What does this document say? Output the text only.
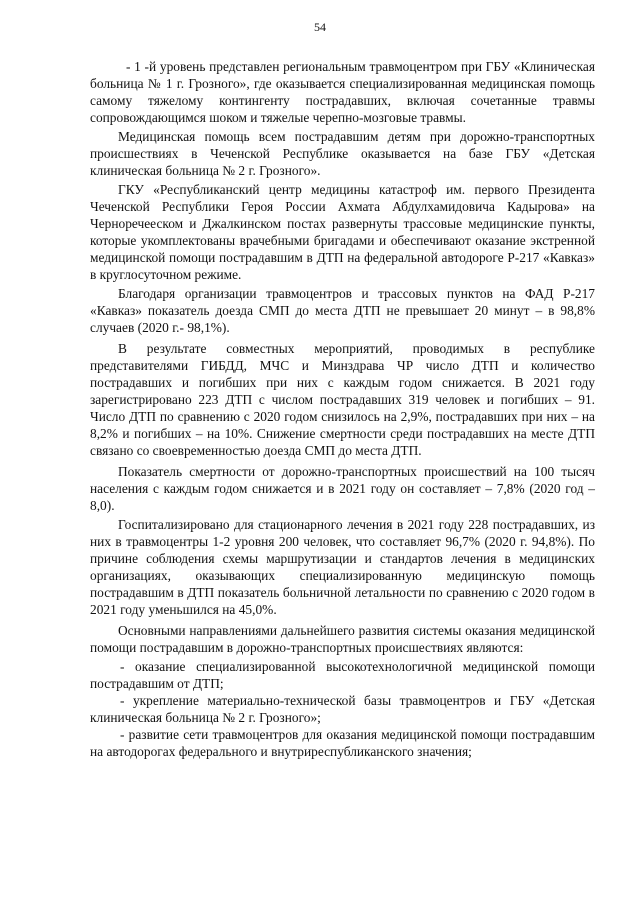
54

- 1 -й уровень представлен региональным травмоцентром при ГБУ «Клиническая больница № 1 г. Грозного», где оказывается специализированная медицинская помощь самому тяжелому контингенту пострадавших, включая сочетанные травмы сопровождающимся шоком и тяжелые черепно-мозговые травмы.

Медицинская помощь всем пострадавшим детям при дорожно-транспортных происшествиях в Чеченской Республике оказывается на базе ГБУ «Детская клиническая больница № 2 г. Грозного».

ГКУ «Республиканский центр медицины катастроф им. первого Президента Чеченской Республики Героя России Ахмата Абдулхамидовича Кадырова» на Черноречееском и Джалкинском постах развернуты трассовые медицинские пункты, которые укомплектованы врачебными бригадами и обеспечивают оказание экстренной медицинской помощи пострадавшим в ДТП на федеральной автодороге Р-217 «Кавказ» в круглосуточном режиме.

Благодаря организации травмоцентров и трассовых пунктов на ФАД Р-217 «Кавказ» показатель доезда СМП до места ДТП не превышает 20 минут – в 98,8% случаев (2020 г.- 98,1%).

В результате совместных мероприятий, проводимых в республике представителями ГИБДД, МЧС и Минздрава ЧР число ДТП и количество пострадавших и погибших при них с каждым годом снижается. В 2021 году зарегистрировано 223 ДТП с числом пострадавших 319 человек и погибших – 91. Число ДТП по сравнению с 2020 годом снизилось на 2,9%, пострадавших при них – на 8,2% и погибших – на 10%. Снижение смертности среди пострадавших на месте ДТП связано со своевременностью доезда СМП до места ДТП.

Показатель смертности от дорожно-транспортных происшествий на 100 тысяч населения с каждым годом снижается и в 2021 году он составляет – 7,8% (2020 год – 8,0).

Госпитализировано для стационарного лечения в 2021 году 228 пострадавших, из них в травмоцентры 1-2 уровня 200 человек, что составляет 96,7% (2020 г. 94,8%). По причине соблюдения схемы маршрутизации и стандартов лечения в медицинских организациях, оказывающих специализированную медицинскую помощь пострадавшим в ДТП показатель больничной летальности по сравнению с 2020 годом в 2021 году уменьшился на 45,0%.

Основными направлениями дальнейшего развития системы оказания медицинской помощи пострадавшим в дорожно-транспортных происшествиях являются:

- оказание специализированной высокотехнологичной медицинской помощи пострадавшим от ДТП;

- укрепление материально-технической базы травмоцентров и ГБУ «Детская клиническая больница № 2 г. Грозного»;

- развитие сети травмоцентров для оказания медицинской помощи пострадавшим на автодорогах федерального и внутриреспубликанского значения;
